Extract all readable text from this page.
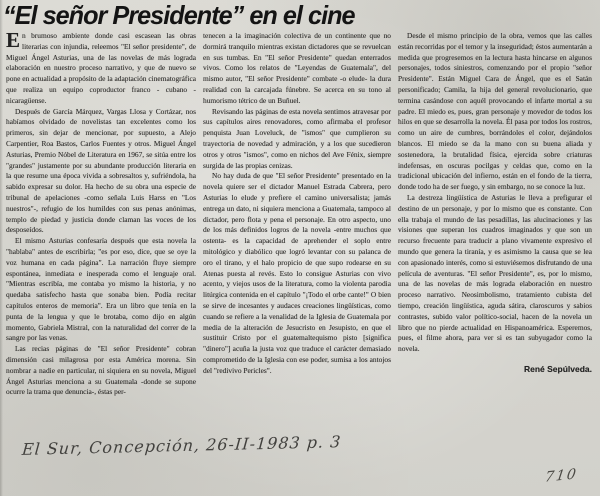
“El señor Presidente” en el cine

En brumoso ambiente donde casi escasean las obras literarias con injundia, releemos "El señor presidente", de Miguel Ángel Asturias, una de las novelas de más lograda elaboración en nuestro proceso narrativo, y que de nuevo se pone en actualidad a propósito de la adaptación cinematográfica que realiza un equipo coproductor franco - cubano - nicaragüense.

Después de García Márquez, Vargas Llosa y Cortázar, nos habíamos olvidado de novelistas tan excelentes como los primeros, sin dejar de mencionar, por supuesto, a Alejo Carpentier, Roa Bastos, Carlos Fuentes y otros. Miguel Ángel Asturias, Premio Nóbel de Literatura en 1967, se sitúa entre los "grandes" justamente por su abundante producción literaria en la que resume una época vivida a sobresaltos y, sufriéndola, ha sabido expresar su dolor. Ha hecho de su obra una especie de tribunal de apelaciones -como señala Luis Harss en "Los nuestros"-, refugio de los humildes con sus penas anónimas, templo de piedad y justicia donde claman las voces de los desposeídos.

El mismo Asturias confesaría después que esta novela la "hablaba" antes de escribirla; "es por eso, dice, que se oye la voz humana en cada página". La narración fluye siempre espontánea, inmediata e inesperada como el lenguaje oral. "Mientras escribía, me contaba yo mismo la historia, y no quedaba satisfecho hasta que sonaba bien. Podía recitar capítulos enteros de memoria". Era un libro que tenía en la punta de la lengua y que le brotaba, como dijo en algún momento, Gabriela Mistral, con la naturalidad del correr de la sangre por las venas.

Las recias páginas de "El señor Presidente" cobran dimensión casi milagrosa por esta América morena. Sin nombrar a nadie en particular, ni siquiera en su novela, Miguel Ángel Asturias menciona a su Guatemala -donde se supone ocurre la trama que denuncia-, éstas per-

tenecen a la imaginación colectiva de un continente que no dormirá tranquilo mientras existan dictadores que se revuelcan en sus tumbas. En "El señor Presidente" quedan enterrados vivos. Como los relatos de "Leyendas de Guatemala", del mismo autor, "El señor Presidente" combate -o elude- la dura realidad con la carcajada fúnebre. Se acerca en su tono al humorismo tétrico de un Buñuel.

Revisando las páginas de esta novela sentimos atravesar por sus capítulos aires renovadores, como afirmaba el profesor penquista Juan Loveluck, de "ismos" que cumplieron su trayectoria de novedad y admiración, y a los que sucedieron otros y otros "ismos", como en nichos del Ave Fénix, siempre surgida de las propias cenizas.

No hay duda de que "El señor Presidente" presentado en la novela quiere ser el dictador Manuel Estrada Cabrera, pero Asturias lo elude y prefiere el camino universalista; jamás entrega un dato, ni siquiera menciona a Guatemala, tampoco al dictador, pero flota y pena el personaje. En otro aspecto, uno de los más definidos logros de la novela -entre muchos que ostenta- es la capacidad de aprehender el soplo entre mitológico y diabólico que logró levantar con su palanca de oro el tirano, y el halo propicio de que supo rodearse en su Atenas puesta al revés. Esto lo consigue Asturias con vivo acento, y viejos usos de la literatura, como la violenta parodia litúrgica contenida en el capítulo "¡Todo el orbe cante!" O bien se sirve de incesantes y audaces creaciones lingüísticas, como cuando se refiere a la venalidad de la Iglesia de Guatemala por media de la alteración de Jesucristo en Jesupisto, en que el sustituir Cristo por el guatemaltequismo pisto [significa "dinero"] acuña la justa voz que traduce el carácter demasiado comprometido de la Iglesia con ese poder, sumisa a los antojos del "redivivo Pericles".

Desde el mismo principio de la obra, vemos que las calles están recorridas por el temor y la inseguridad; éstos aumentarán a medida que progresemos en la lectura hasta hincarse en algunos personajes, todos siniestros, comenzando por el propio "señor Presidente". Están Miguel Cara de Ángel, que es el Satán personificado; Camila, la hija del general revolucionario, que termina casándose con aquél provocando el infarte mortal a su padre. El miedo es, pues, gran personaje y movedor de todos los hilos en que se desarrolla la novela. Él pasa por todos los rostros, como un aire de cumbres, borrándoles el color, dejándolos blancos. El miedo se da la mano con su buena aliada y sostenedora, la brutalidad física, ejercida sobre criaturas indefensas, en oscuras pocilgas y celdas que, como en la tradicional ubicación del infierno, están en el fondo de la tierra, donde todo ha de ser fuego, y sin embargo, no se conoce la luz.

La destreza lingüística de Asturias le lleva a prefigurar el destino de un personaje, y por lo mismo que es constante. Con ella trabaja el mundo de las pesadillas, las alucinaciones y las visiones que superan los cuadros imaginados y que son un recurso frecuente para traducir a plano vivamente expresivo el mundo que genera la tiranía, y es asimismo la causa que se lea con apasionado interés, como si estuviésemos disfrutando de una película de aventuras. "El señor Presidente", es, por lo mismo, una de las novelas de más lograda elaboración en nuestro proceso narrativo. Neosimbolismo, tratamiento cubista del tiempo, creación lingüística, aguda sátira, claroscuros y sabios contrastes, subido valor político-social, hacen de la novela un libro que no pierde actualidad en Hispanoamérica. Esperemos, pues, el filme ahora, para ver si es tan subyugador como la novela.

René Sepúlveda.
El Sur, Concepción, 26-II-1983 p. 3
710
